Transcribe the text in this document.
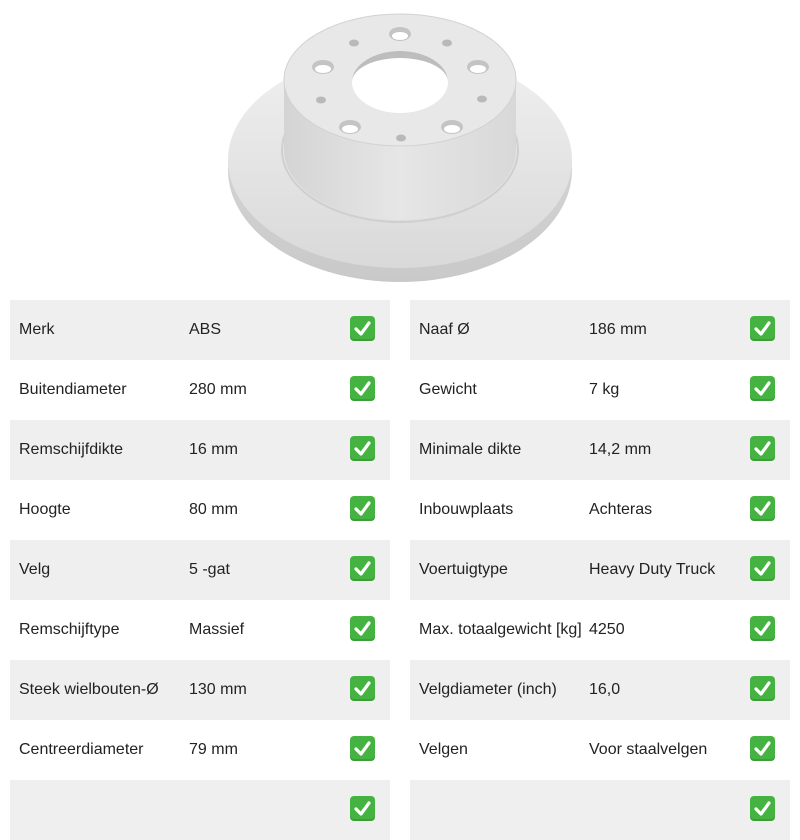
Merk	ABS
Buitendiameter	280 mm
Remschijfdikte	16 mm
Hoogte	80 mm
Velg	5 -gat
Remschijftype	Massief
Steek wielbouten-Ø 130 mm
Centreerdiameter	79 mm
Naaf Ø	186 mm
Gewicht	7 kg
Minimale dikte	14,2 mm
Inbouwplaats	Achteras
Voertuigtype	Heavy Duty Truck
Max. totaalgewicht [kg] 4250
Velgdiameter (inch) 16,0
Velgen	Voor staalvelgen
